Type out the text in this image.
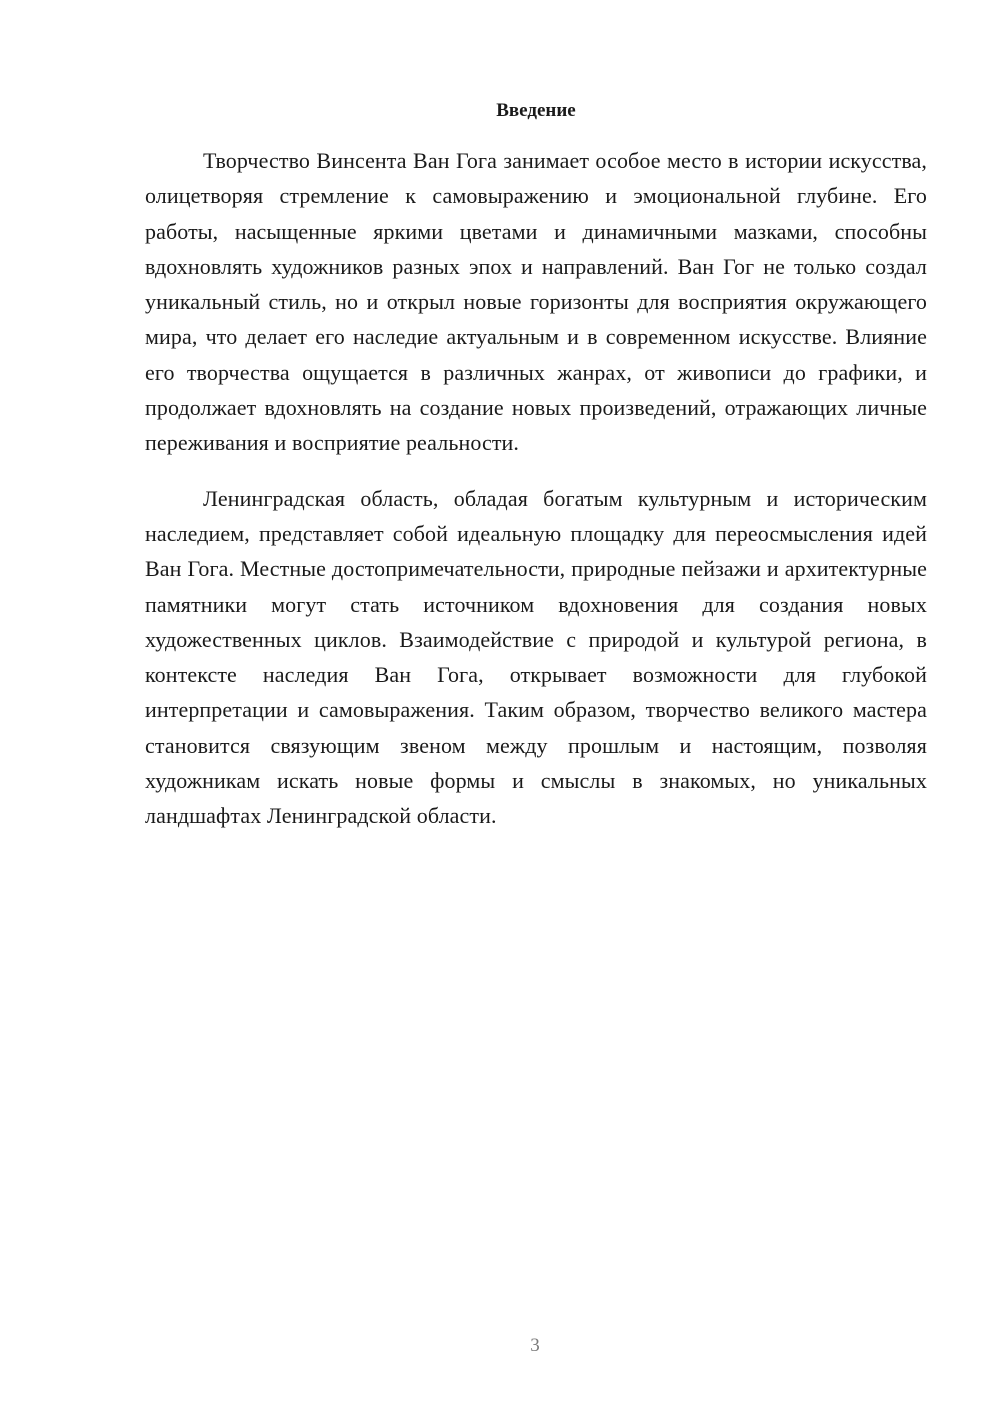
Введение

Творчество Винсента Ван Гога занимает особое место в истории искусства, олицетворяя стремление к самовыражению и эмоциональной глубине. Его работы, насыщенные яркими цветами и динамичными мазками, способны вдохновлять художников разных эпох и направлений. Ван Гог не только создал уникальный стиль, но и открыл новые горизонты для восприятия окружающего мира, что делает его наследие актуальным и в современном искусстве. Влияние его творчества ощущается в различных жанрах, от живописи до графики, и продолжает вдохновлять на создание новых произведений, отражающих личные переживания и восприятие реальности.

Ленинградская область, обладая богатым культурным и историческим наследием, представляет собой идеальную площадку для переосмысления идей Ван Гога. Местные достопримечательности, природные пейзажи и архитектурные памятники могут стать источником вдохновения для создания новых художественных циклов. Взаимодействие с природой и культурой региона, в контексте наследия Ван Гога, открывает возможности для глубокой интерпретации и самовыражения. Таким образом, творчество великого мастера становится связующим звеном между прошлым и настоящим, позволяя художникам искать новые формы и смыслы в знакомых, но уникальных ландшафтах Ленинградской области.

3
